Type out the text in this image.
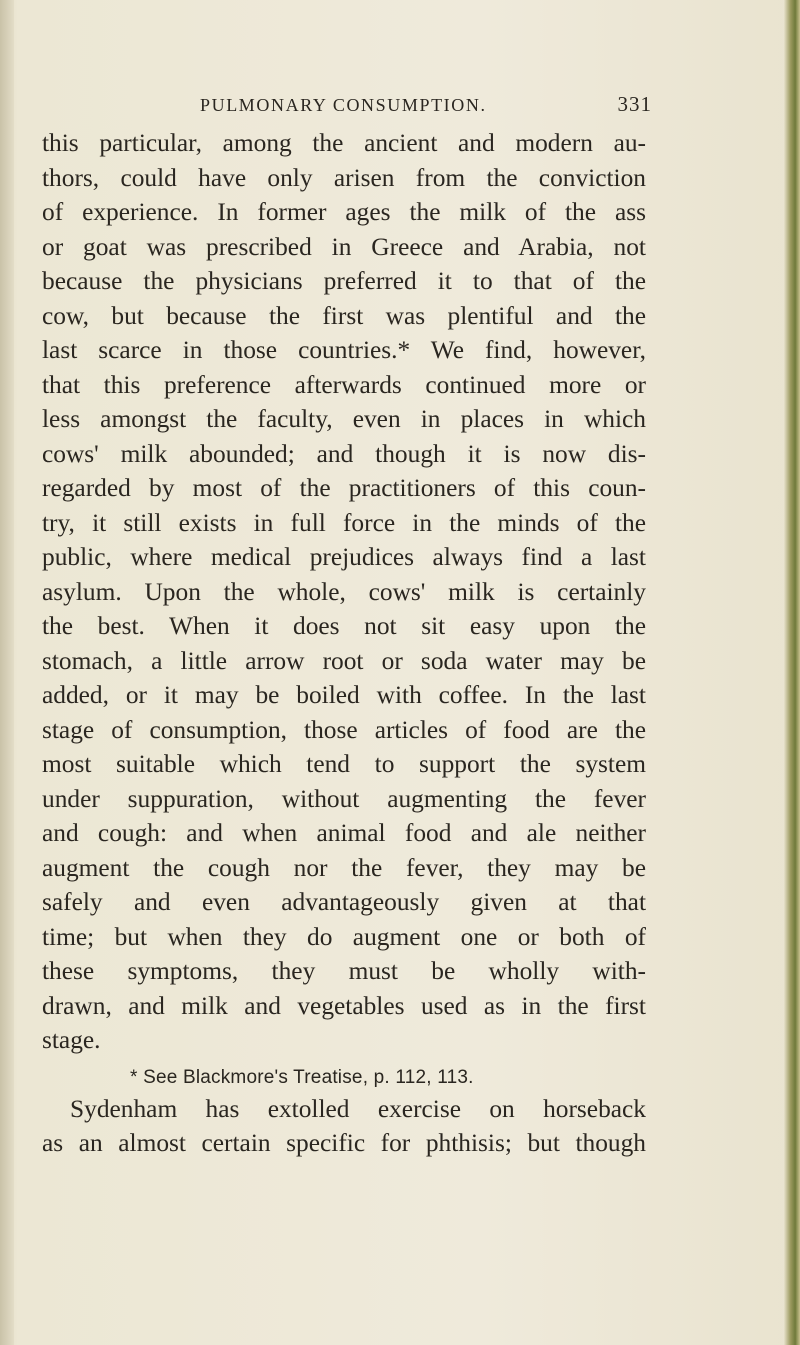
PULMONARY CONSUMPTION.	331

this particular, among the ancient and modern au-
thors, could have only arisen from the conviction
of experience. In former ages the milk of the ass
or goat was prescribed in Greece and Arabia, not
because the physicians preferred it to that of the
cow, but because the first was plentiful and the
last scarce in those countries.* We find, however,
that this preference afterwards continued more or
less amongst the faculty, even in places in which
cows' milk abounded; and though it is now dis-
regarded by most of the practitioners of this coun-
try, it still exists in full force in the minds of the
public, where medical prejudices always find a last
asylum. Upon the whole, cows' milk is certainly
the best. When it does not sit easy upon the
stomach, a little arrow root or soda water may be
added, or it may be boiled with coffee. In the last
stage of consumption, those articles of food are the
most suitable which tend to support the system
under suppuration, without augmenting the fever
and cough: and when animal food and ale neither
augment the cough nor the fever, they may be
safely and even advantageously given at that
time; but when they do augment one or both of
these symptoms, they must be wholly with-
drawn, and milk and vegetables used as in the first
stage.

Sydenham has extolled exercise on horseback
as an almost certain specific for phthisis; but though

* See Blackmore's Treatise, p. 112, 113.
